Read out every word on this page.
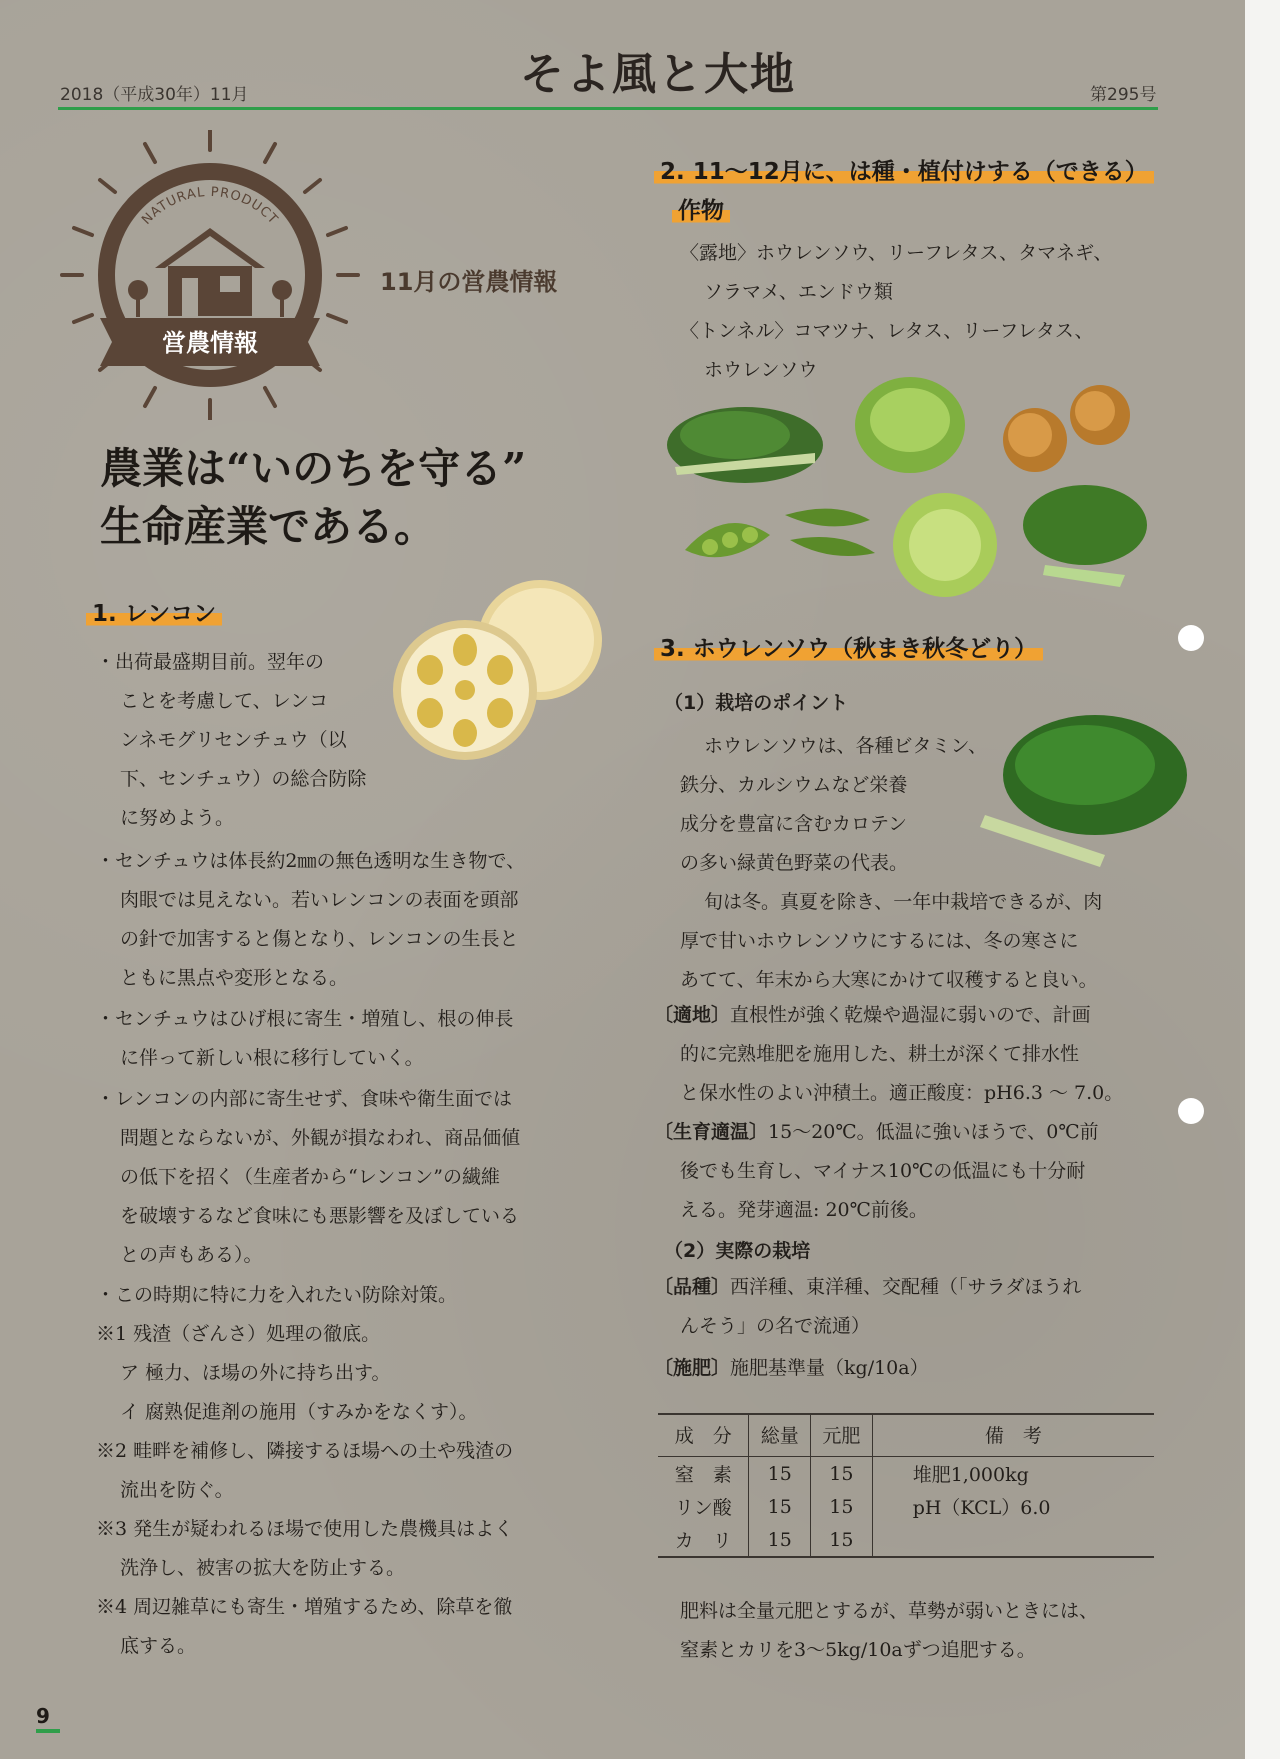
2018（平成30年）11月	そよ風と大地	第295号
NATURAL PRODUCT
営農情報
11月の営農情報
農業は“いのちを守る”
生命産業である。
1. レンコン

・出荷最盛期目前。翌年の

ことを考慮して、レンコ

ンネモグリセンチュウ（以

下、センチュウ）の総合防除

に努めよう。

・センチュウは体長約2㎜の無色透明な生き物で、

肉眼では見えない。若いレンコンの表面を頭部

の針で加害すると傷となり、レンコンの生長と

ともに黒点や変形となる。

・センチュウはひげ根に寄生・増殖し、根の伸長

に伴って新しい根に移行していく。

・レンコンの内部に寄生せず、食味や衛生面では

問題とならないが、外観が損なわれ、商品価値

の低下を招く（生産者から“レンコン”の繊維

を破壊するなど食味にも悪影響を及ぼしている

との声もある）。

・この時期に特に力を入れたい防除対策。

※1 残渣（ざんさ）処理の徹底。

ア 極力、ほ場の外に持ち出す。

イ 腐熟促進剤の施用（すみかをなくす）。

※2 畦畔を補修し、隣接するほ場への土や残渣の

流出を防ぐ。

※3 発生が疑われるほ場で使用した農機具はよく

洗浄し、被害の拡大を防止する。

※4 周辺雑草にも寄生・増殖するため、除草を徹

底する。

2. 11～12月に、は種・植付けする（できる）
作物

〈露地〉ホウレンソウ、リーフレタス、タマネギ、

ソラマメ、エンドウ類

〈トンネル〉コマツナ、レタス、リーフレタス、

ホウレンソウ

3. ホウレンソウ（秋まき秋冬どり）
（1）栽培のポイント

ホウレンソウは、各種ビタミン、

鉄分、カルシウムなど栄養

成分を豊富に含むカロテン

の多い緑黄色野菜の代表。

旬は冬。真夏を除き、一年中栽培できるが、肉

厚で甘いホウレンソウにするには、冬の寒さに

あてて、年末から大寒にかけて収穫すると良い。

〔適地〕直根性が強く乾燥や過湿に弱いので、計画

的に完熟堆肥を施用した、耕土が深くて排水性

と保水性のよい沖積土。適正酸度：pH6.3 ～ 7.0。

〔生育適温〕15～20℃。低温に強いほうで、0℃前

後でも生育し、マイナス10℃の低温にも十分耐

える。発芽適温: 20℃前後。

（2）実際の栽培

〔品種〕西洋種、東洋種、交配種（「サラダほうれ

んそう」の名で流通）

〔施肥〕施肥基準量（kg/10a）

成　分	総量	元肥	備　考
窒　素	15	15	堆肥1,000kg
リン酸	15	15	pH（KCL）6.0
カ　リ	15	15	

肥料は全量元肥とするが、草勢が弱いときには、

窒素とカリを3～5kg/10aずつ追肥する。

9
